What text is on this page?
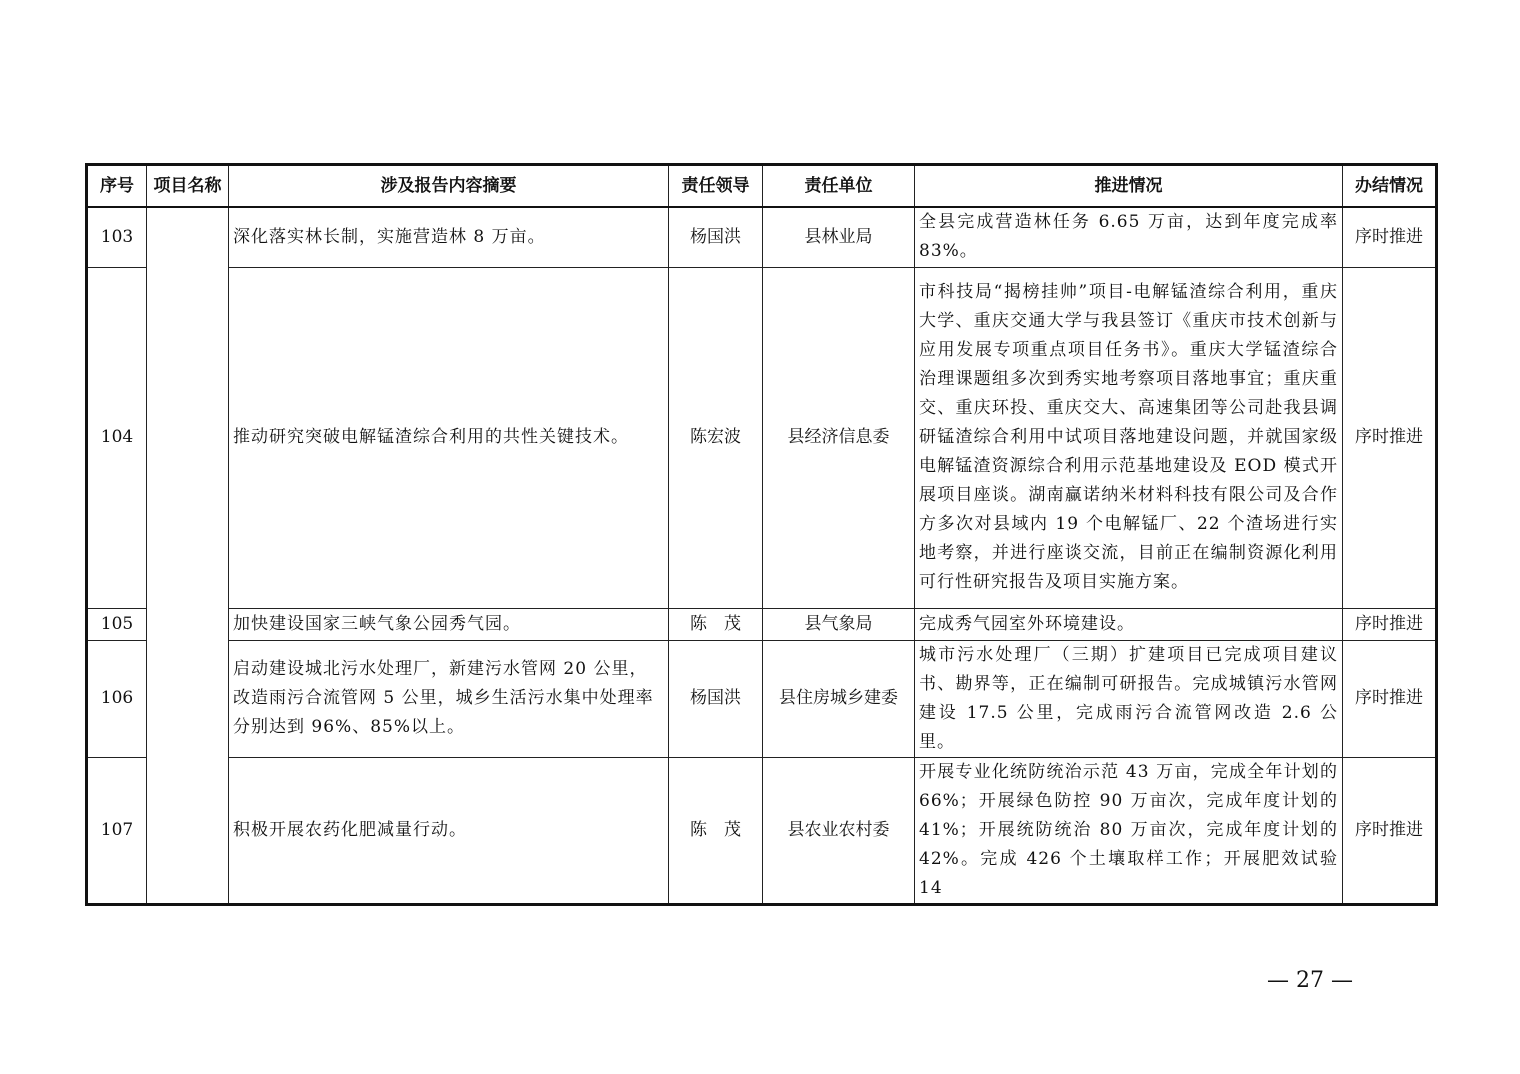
序号	项目名称	涉及报告内容摘要	责任领导	责任单位	推进情况	办结情况
103		深化落实林长制，实施营造林 8 万亩。	杨国洪	县林业局	全县完成营造林任务 6.65 万亩，达到年度完成率 83%。	序时推进
104		推动研究突破电解锰渣综合利用的共性关键技术。	陈宏波	县经济信息委	市科技局“揭榜挂帅”项目-电解锰渣综合利用，重庆大学、重庆交通大学与我县签订《重庆市技术创新与应用发展专项重点项目任务书》。重庆大学锰渣综合治理课题组多次到秀实地考察项目落地事宜；重庆重交、重庆环投、重庆交大、高速集团等公司赴我县调研锰渣综合利用中试项目落地建设问题，并就国家级电解锰渣资源综合利用示范基地建设及 EOD 模式开展项目座谈。湖南赢诺纳米材料科技有限公司及合作方多次对县域内 19 个电解锰厂、22 个渣场进行实地考察，并进行座谈交流，目前正在编制资源化利用可行性研究报告及项目实施方案。	序时推进
105		加快建设国家三峡气象公园秀气园。	陈　茂	县气象局	完成秀气园室外环境建设。	序时推进
106		启动建设城北污水处理厂，新建污水管网 20 公里，改造雨污合流管网 5 公里，城乡生活污水集中处理率分别达到 96%、85%以上。	杨国洪	县住房城乡建委	城市污水处理厂（三期）扩建项目已完成项目建议书、勘界等，正在编制可研报告。完成城镇污水管网建设 17.5 公里，完成雨污合流管网改造 2.6 公里。	序时推进
107		积极开展农药化肥减量行动。	陈　茂	县农业农村委	开展专业化统防统治示范 43 万亩，完成全年计划的 66%；开展绿色防控 90 万亩次，完成年度计划的 41%；开展统防统治 80 万亩次，完成年度计划的 42%。完成 426 个土壤取样工作；开展肥效试验 14	序时推进
— 27 —
